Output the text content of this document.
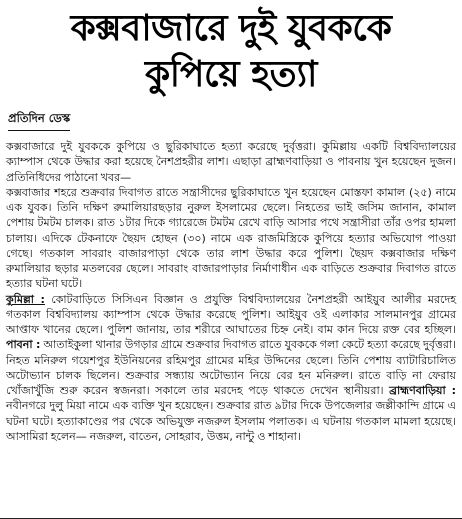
কক্সবাজারে দুই যুবককে
কুপিয়ে হত্যা
প্রতিদিন ডেস্ক

কক্সবাজারে দুই যুবককে কুপিয়ে ও ছুরিকাঘাতে হত্যা করেছে দুর্বৃত্তরা। কুমিল্লায় একটি বিশ্ববিদ্যালয়ের ক্যাম্পাস থেকে উদ্ধার করা হয়েছে নৈশপ্রহরীর লাশ। এছাড়া ব্রাহ্মণবাড়িয়া ও পাবনায় খুন হয়েছেন দুজন। প্রতিনিধিদের পাঠানো খবর—

কক্সবাজার শহরে শুক্রবার দিবাগত রাতে সন্ত্রাসীদের ছুরিকাঘাতে খুন হয়েছেন মোস্তফা কামাল (২৫) নামে এক যুবক। তিনি দক্ষিণ রুমালিয়ারছড়ার নুরুল ইসলামের ছেলে। নিহতের ভাই জসিম জানান, কামাল পেশায় টমটম চালক। রাত ১টার দিকে গ্যারেজে টমটম রেখে বাড়ি আসার পথে সন্ত্রাসীরা তাঁর ওপর হামলা চালায়। এদিকে টেকনাফে ছৈয়দ হোছন (৩০) নামে এক রাজমিস্ত্রিকে কুপিয়ে হত্যার অভিযোগ পাওয়া গেছে। গতকাল সাবরাং বাজারপাড়া থেকে তার লাশ উদ্ধার করে পুলিশ। ছৈয়দ কক্সবাজার দক্ষিণ রুমালিয়ার ছড়ার মতলবের ছেলে। সাবরাং বাজারপাড়ার নির্মাণাধীন এক বাড়িতে শুক্রবার দিবাগত রাতে হত্যার ঘটনা ঘটে।

কুমিল্লা : কোটবাড়িতে সিসিএন বিজ্ঞান ও প্রযুক্তি বিশ্ববিদ্যালয়ের নৈশপ্রহরী আইয়ুব আলীর মরদেহ গতকাল বিশ্ববিদ্যালয় ক্যাম্পাস থেকে উদ্ধার করেছে পুলিশ। আইয়ুব ওই এলাকার সালমানপুর গ্রামের আপ্তাফ খানের ছেলে। পুলিশ জানায়, তার শরীরে আঘাতের চিহ্ন নেই। বাম কান দিয়ে রক্ত বের হচ্ছিল। পাবনা : আতাইকুলা থানার উগড়ার গ্রামে শুক্রবার দিবাগত রাতে যুবককে গলা কেটে হত্যা করেছে দুর্বৃত্তরা। নিহত মনিরুল গয়েশপুর ইউনিয়নের রহিমপুর গ্রামের মহির উদ্দিনের ছেলে। তিনি পেশায় ব্যাটারিচালিত অটোভ্যান চালক ছিলেন। শুক্রবার সন্ধ্যায় অটোভ্যান নিয়ে বের হন মনিরুল। রাতে বাড়ি না ফেরায় খোঁজাখুঁজি শুরু করেন স্বজনরা। সকালে তার মরদেহ পড়ে থাকতে দেখেন স্থানীয়রা। ব্রাহ্মণবাড়িয়া : নবীনগরে দুলু মিয়া নামে এক ব্যক্তি খুন হয়েছেন। শুক্রবার রাত ৯টার দিকে উপজেলার জল্লীকান্দি গ্রামে এ ঘটনা ঘটে। হত্যাকাণ্ডের পর থেকে অভিযুক্ত নজরুল ইসলাম পলাতক। এ ঘটনায় গতকাল মামলা হয়েছে। আসামিরা হলেন— নজরুল, বাতেন, সোহরাব, উত্তম, নান্টু ও শাহানা।
